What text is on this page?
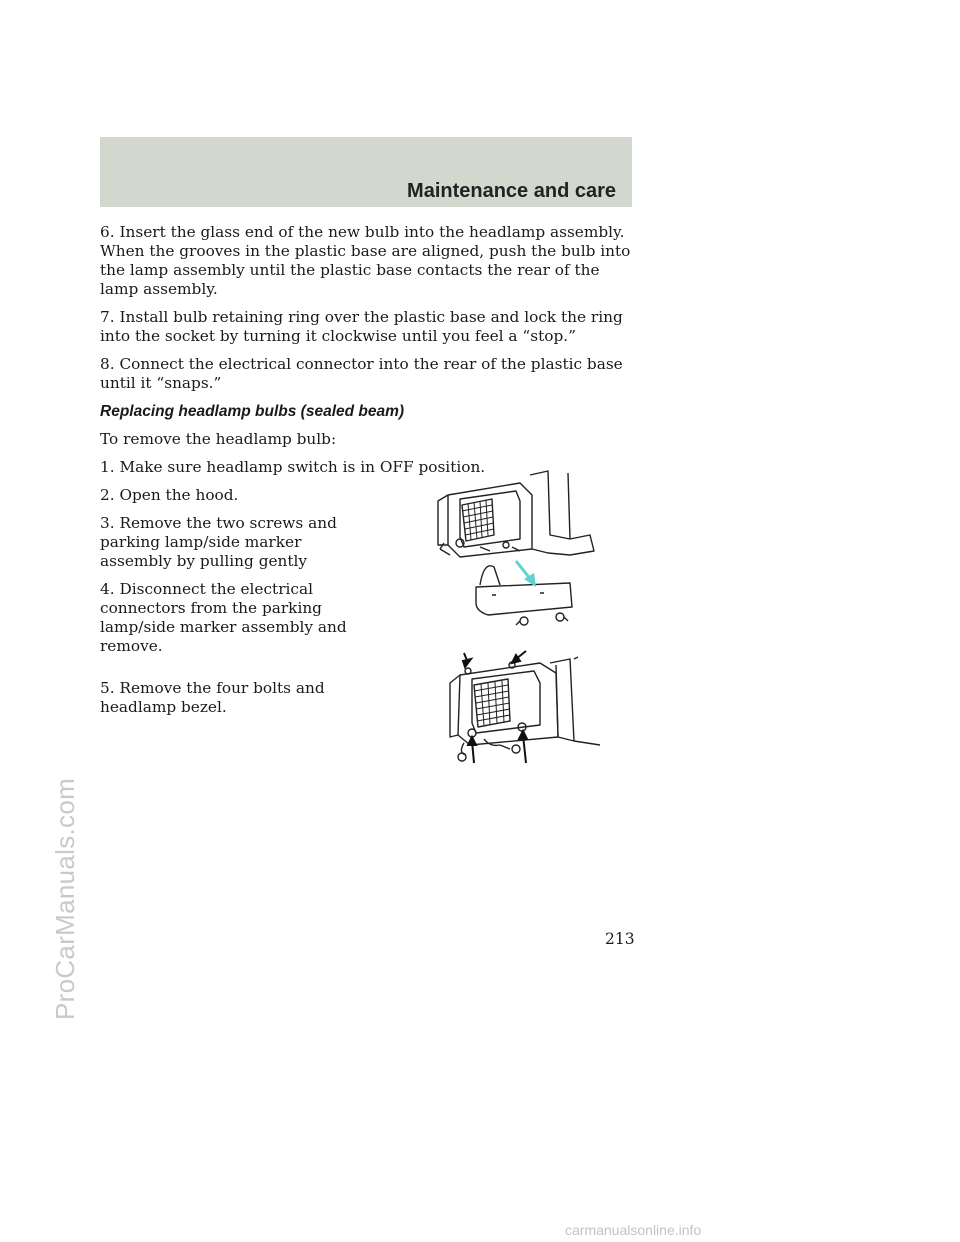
Maintenance and care

6. Insert the glass end of the new bulb into the headlamp assembly. When the grooves in the plastic base are aligned, push the bulb into the lamp assembly until the plastic base contacts the rear of the lamp assembly.

7. Install bulb retaining ring over the plastic base and lock the ring into the socket by turning it clockwise until you feel a “stop.”

8. Connect the electrical connector into the rear of the plastic base until it “snaps.”

Replacing headlamp bulbs (sealed beam)

To remove the headlamp bulb:

1. Make sure headlamp switch is in OFF position.

2. Open the hood.

3. Remove the two screws and parking lamp/side marker assembly by pulling gently

4. Disconnect the electrical connectors from the parking lamp/side marker assembly and remove.

5. Remove the four bolts and headlamp bezel.

213
ProCarManuals.com
carmanualsonline.info
